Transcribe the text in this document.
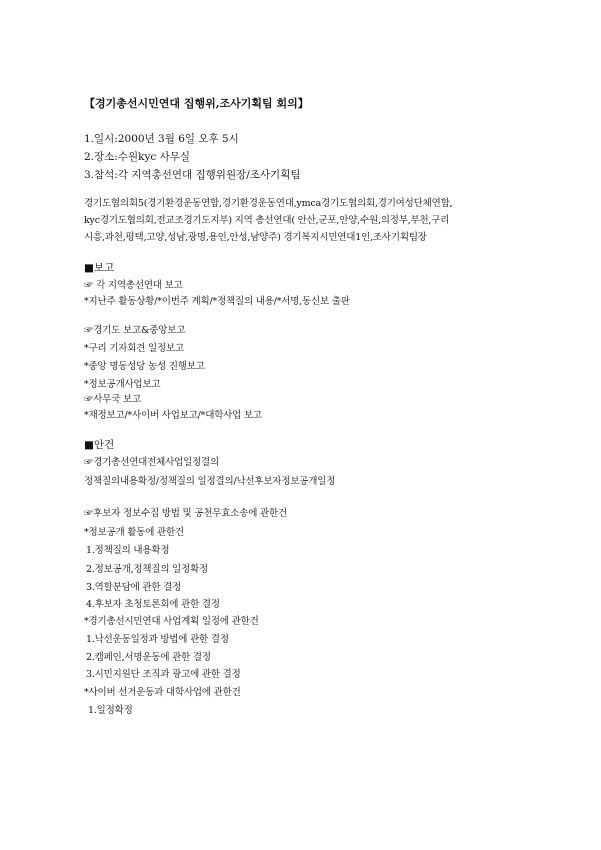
【경기총선시민연대 집행위,조사기획팀 회의】
1.일시:2000년 3월 6일 오후 5시
2.장소:수원kyc 사무실
3.참석:각 지역총선연대 집행위원장/조사기획팀
경기도협의회5(경기환경운동연합,경기환경운동연대,ymca경기도협의회,경기여성단체연합,
kyc경기도협의회,전교조경기도지부) 지역 총선연대( 안산,군포,안양,수원,의정부,부천,구리
시흥,과천,평택,고양,성남,광명,용인,안성,남양주) 경기복지시민연대1인,조사기획팀장
■보고
☞ 각 지역총선연대 보고
*지난주 활동상황/*이번주 계획/*정책질의 내용/*서명,동신보 출판
☞경기도 보고&중앙보고
*구리 기자회견 일정보고
*중앙 명동성당 농성 진행보고
*정보공개사업보고
☞사무국 보고
*재정보고/*사이버 사업보고/*대학사업 보고
■안건
☞경기총선연대전체사업일정결의
정책질의내용확정/정책질의 일정결의/낙선후보자정보공개일정
☞후보자 정보수집 방법 및 공천무효소송에 관한건
*정보공개 활동에 관한건
1.정책질의 내용확정
2.정보공개,정책질의 일정확정
3.역할분담에 관한 결정
4.후보자 초청토론회에 관한 결정
*경기총선시민연대 사업계획 일정에 관한건
1.낙선운동일정과 방법에 관한 결정
2.캠페인,서명운동에 관한 결정
3.시민지원단 조직과 광고에 관한 결정
*사이버 선거운동과 대학사업에 관한건
1.일정확정
